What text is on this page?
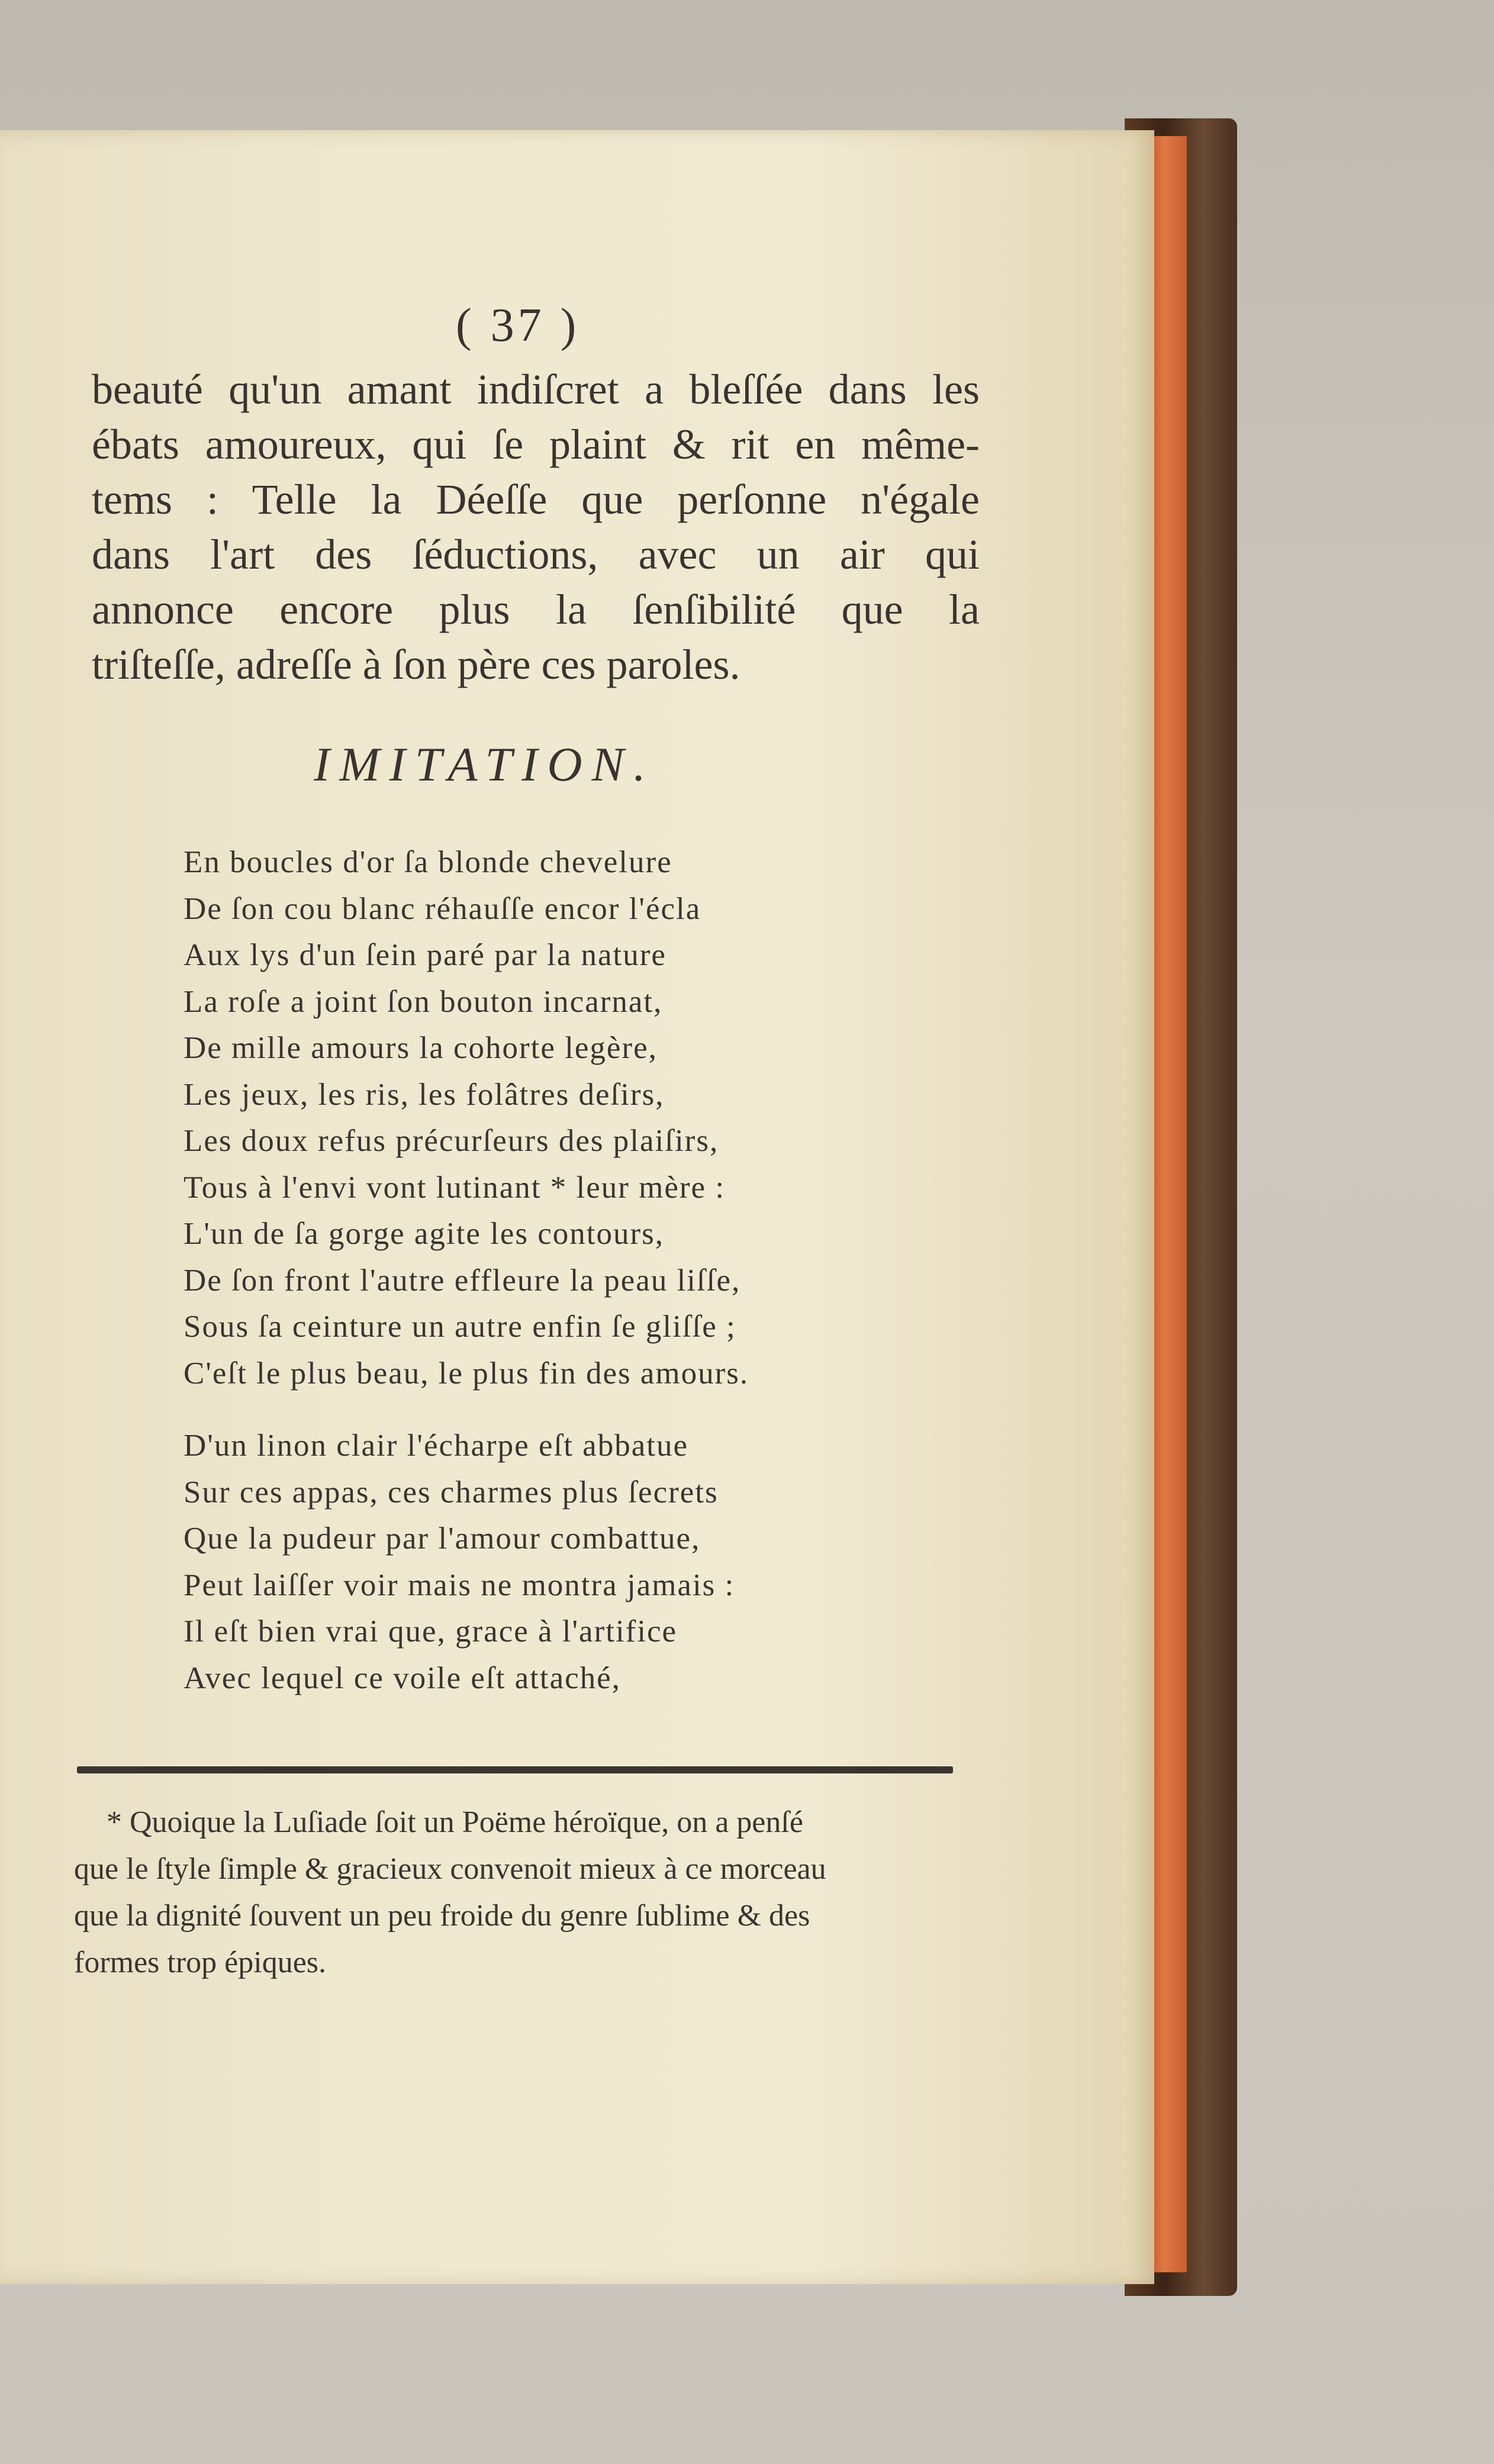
( 37 )
beauté qu'un amant indiſcret a bleſſée dans les
ébats amoureux, qui ſe plaint & rit en même-
tems : Telle la Déeſſe que perſonne n'égale
dans l'art des ſéductions, avec un air qui
annonce encore plus la ſenſibilité que la
triſteſſe, adreſſe à ſon père ces paroles.
IMITATION.
En boucles d'or ſa blonde chevelure
De ſon cou blanc réhauſſe encor l'écla
Aux lys d'un ſein paré par la nature
La roſe a joint ſon bouton incarnat,
De mille amours la cohorte legère,
Les jeux, les ris, les folâtres deſirs,
Les doux refus précurſeurs des plaiſirs,
Tous à l'envi vont lutinant * leur mère :
L'un de ſa gorge agite les contours,
De ſon front l'autre effleure la peau liſſe,
Sous ſa ceinture un autre enfin ſe gliſſe ;
C'eſt le plus beau, le plus fin des amours.
D'un linon clair l'écharpe eſt abbatue
Sur ces appas, ces charmes plus ſecrets
Que la pudeur par l'amour combattue,
Peut laiſſer voir mais ne montra jamais :
Il eſt bien vrai que, grace à l'artifice
Avec lequel ce voile eſt attaché,
* Quoique la Luſiade ſoit un Poëme héroïque, on a penſé
que le ſtyle ſimple & gracieux convenoit mieux à ce morceau
que la dignité ſouvent un peu froide du genre ſublime & des
formes trop épiques.
